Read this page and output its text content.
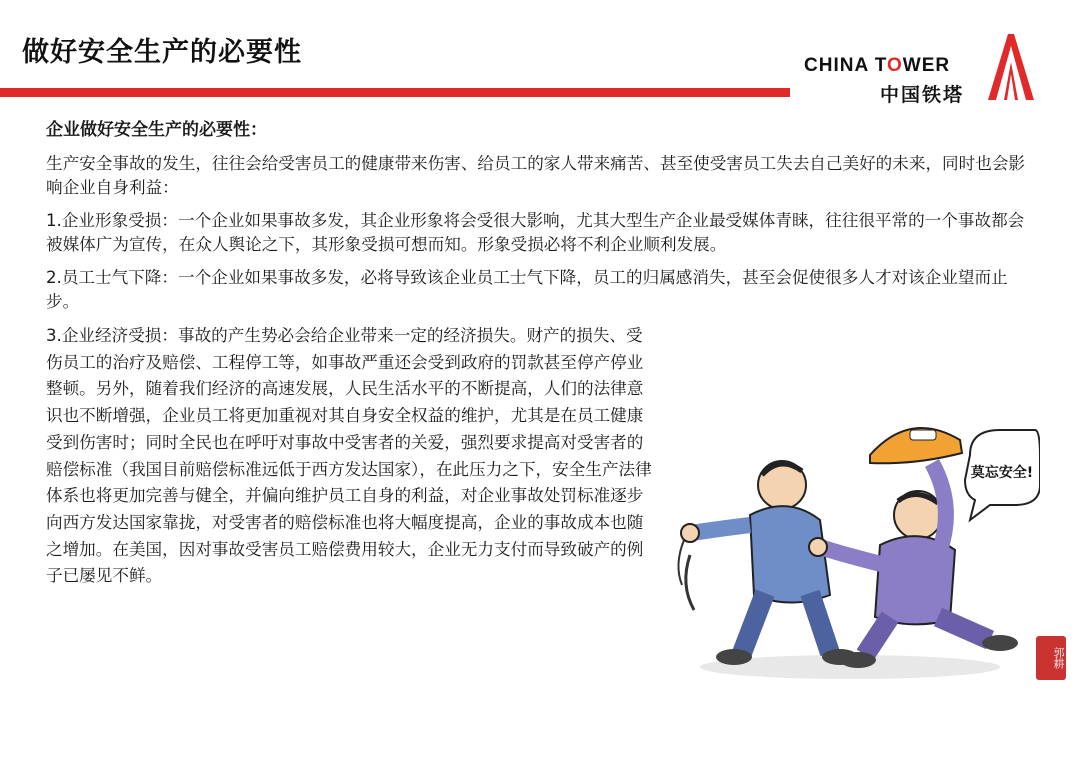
做好安全生产的必要性	CHINA TOWER
中国铁塔
企业做好安全生产的必要性：

生产安全事故的发生，往往会给受害员工的健康带来伤害、给员工的家人带来痛苦、甚至使受害员工失去自己美好的未来，同时也会影响企业自身利益：

1.企业形象受损：一个企业如果事故多发，其企业形象将会受很大影响，尤其大型生产企业最受媒体青睐，往往很平常的一个事故都会被媒体广为宣传，在众人舆论之下，其形象受损可想而知。形象受损必将不利企业顺利发展。

2.员工士气下降：一个企业如果事故多发，必将导致该企业员工士气下降，员工的归属感消失，甚至会促使很多人才对该企业望而止步。

3.企业经济受损：事故的产生势必会给企业带来一定的经济损失。财产的损失、受伤员工的治疗及赔偿、工程停工等，如事故严重还会受到政府的罚款甚至停产停业整顿。另外，随着我们经济的高速发展，人民生活水平的不断提高，人们的法律意识也不断增强，企业员工将更加重视对其自身安全权益的维护，尤其是在员工健康受到伤害时；同时全民也在呼吁对事故中受害者的关爱，强烈要求提高对受害者的赔偿标准（我国目前赔偿标准远低于西方发达国家），在此压力之下，安全生产法律体系也将更加完善与健全，并偏向维护员工自身的利益，对企业事故处罚标准逐步向西方发达国家靠拢，对受害者的赔偿标准也将大幅度提高，企业的事故成本也随之增加。在美国，因对事故受害员工赔偿费用较大，企业无力支付而导致破产的例子已屡见不鲜。

莫忘安全!
郭耕
